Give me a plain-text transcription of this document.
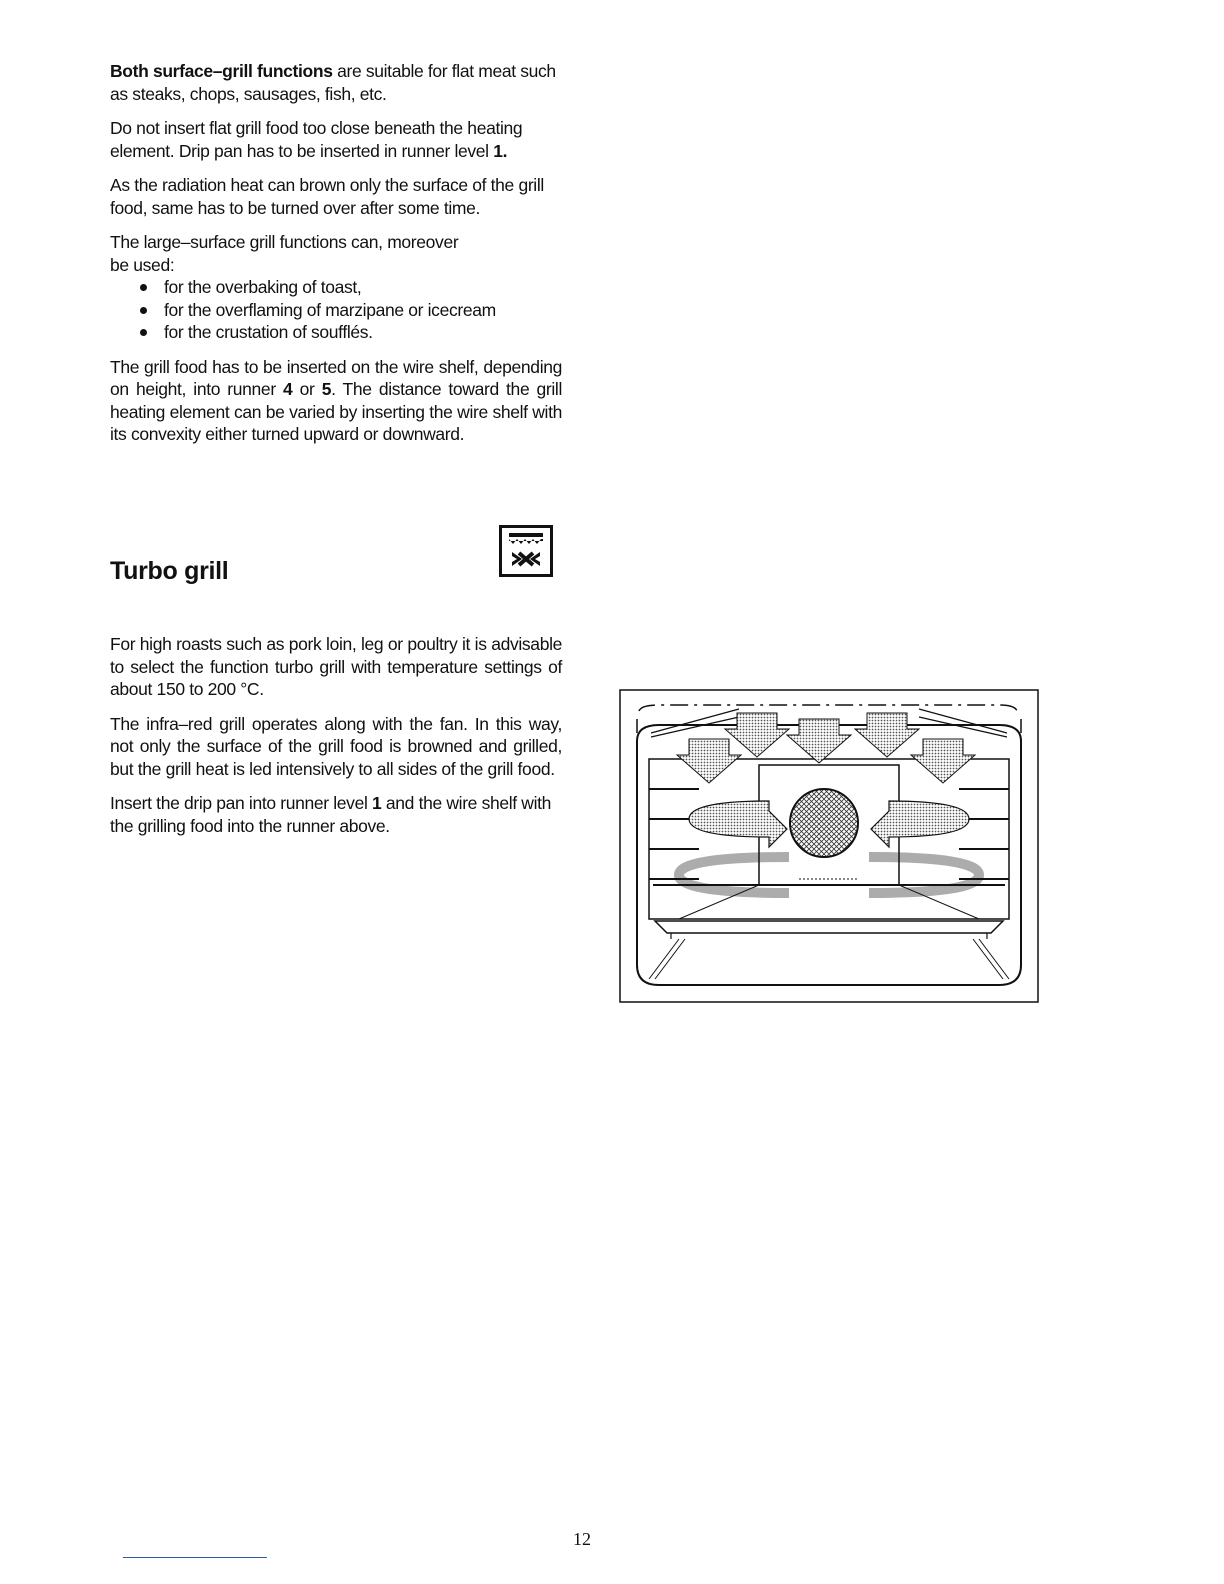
Both surface–grill functions are suitable for flat meat such as steaks, chops, sausages, fish, etc.

Do not insert flat grill food too close beneath the heating element. Drip pan has to be inserted in runner level 1.

As the radiation heat can brown only the surface of the grill food, same has to be turned over after some time.

The large–surface grill functions can, moreover
be used:

for the overbaking of toast,
for the overflaming of marzipane or icecream
for the crustation of soufflés.

The grill food has to be inserted on the wire shelf, depending on height, into runner 4 or 5. The distance toward the grill heating element can be varied by inserting the wire shelf with its convexity either turned upward or downward.

Turbo grill

For high roasts such as pork loin, leg or poultry it is advisable to select the function turbo grill with temperature settings of about 150 to 200 °C.

The infra–red grill operates along with the fan. In this way, not only the surface of the grill food is browned and grilled, but the grill heat is led intensively to all sides of the grill food.

Insert the drip pan into runner level 1 and the wire shelf with the grilling food into the runner above.

12
